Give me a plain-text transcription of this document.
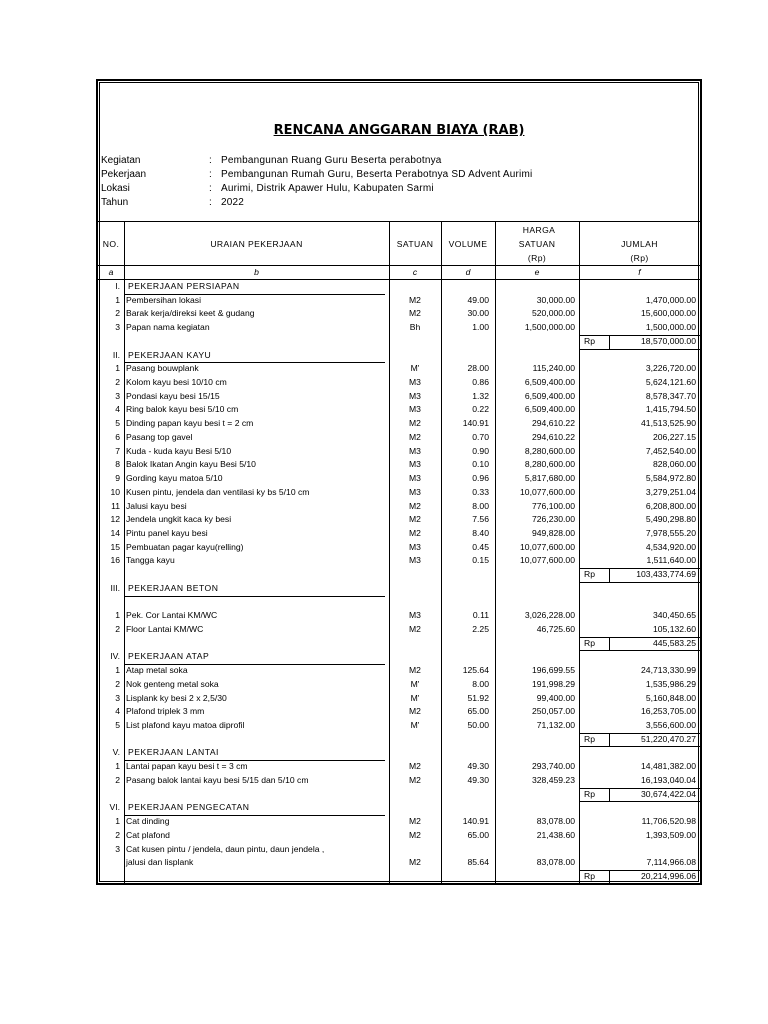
RENCANA ANGGARAN BIAYA (RAB)
Kegiatan	: Pembangunan Ruang Guru Beserta perabotnya
Pekerjaan	: Pembangunan Rumah Guru, Beserta Perabotnya SD Advent Aurimi
Lokasi	: Aurimi, Distrik Apawer Hulu, Kabupaten Sarmi
Tahun	: 2022
HARGA
NO.	URAIAN PEKERJAAN	SATUAN	VOLUME	SATUAN	JUMLAH
(Rp)	(Rp)
a	b	c	d	e	f
I. PEKERJAAN PERSIAPAN
1 Pembersihan lokasi	M2	49.00	30,000.00	1,470,000.00
2 Barak kerja/direksi keet & gudang	M2	30.00	520,000.00	15,600,000.00
3 Papan nama kegiatan	Bh	1.00	1,500,000.00	1,500,000.00
Rp	18,570,000.00
II. PEKERJAAN KAYU
1 Pasang bouwplank	M'	28.00	115,240.00	3,226,720.00
2 Kolom kayu besi 10/10 cm	M3	0.86	6,509,400.00	5,624,121.60
3 Pondasi kayu besi 15/15	M3	1.32	6,509,400.00	8,578,347.70
4 Ring balok kayu besi 5/10 cm	M3	0.22	6,509,400.00	1,415,794.50
5 Dinding papan kayu besi t = 2 cm	M2	140.91	294,610.22	41,513,525.90
6 Pasang top gavel	M2	0.70	294,610.22	206,227.15
7 Kuda - kuda kayu Besi 5/10	M3	0.90	8,280,600.00	7,452,540.00
8 Balok Ikatan Angin kayu Besi 5/10	M3	0.10	8,280,600.00	828,060.00
9 Gording kayu matoa 5/10	M3	0.96	5,817,680.00	5,584,972.80
10 Kusen pintu, jendela dan ventilasi ky bs 5/10 cm	M3	0.33	10,077,600.00	3,279,251.04
11 Jalusi kayu besi	M2	8.00	776,100.00	6,208,800.00
12 Jendela ungkit kaca ky besi	M2	7.56	726,230.00	5,490,298.80
14 Pintu panel kayu besi	M2	8.40	949,828.00	7,978,555.20
15 Pembuatan pagar kayu(relling)	M3	0.45	10,077,600.00	4,534,920.00
16 Tangga kayu	M3	0.15	10,077,600.00	1,511,640.00
Rp	103,433,774.69
III. PEKERJAAN BETON
1 Pek. Cor Lantai KM/WC	M3	0.11	3,026,228.00	340,450.65
2 Floor Lantai KM/WC	M2	2.25	46,725.60	105,132.60
Rp	445,583.25
IV. PEKERJAAN ATAP
1 Atap metal soka	M2	125.64	196,699.55	24,713,330.99
2 Nok genteng metal soka	M'	8.00	191,998.29	1,535,986.29
3 Lisplank ky besi 2 x 2,5/30	M'	51.92	99,400.00	5,160,848.00
4 Plafond triplek 3 mm	M2	65.00	250,057.00	16,253,705.00
5 List plafond kayu matoa diprofil	M'	50.00	71,132.00	3,556,600.00
Rp	51,220,470.27
V. PEKERJAAN LANTAI
1 Lantai papan kayu besi t = 3 cm	M2	49.30	293,740.00	14,481,382.00
2 Pasang balok lantai kayu besi 5/15 dan 5/10 cm	M2	49.30	328,459.23	16,193,040.04
Rp	30,674,422.04
VI. PEKERJAAN PENGECATAN
1 Cat dinding	M2	140.91	83,078.00	11,706,520.98
2 Cat plafond	M2	65.00	21,438.60	1,393,509.00
3 Cat kusen pintu / jendela, daun pintu, daun jendela ,
jalusi dan lisplank	M2	85.64	83,078.00	7,114,966.08
Rp	20,214,996.06
